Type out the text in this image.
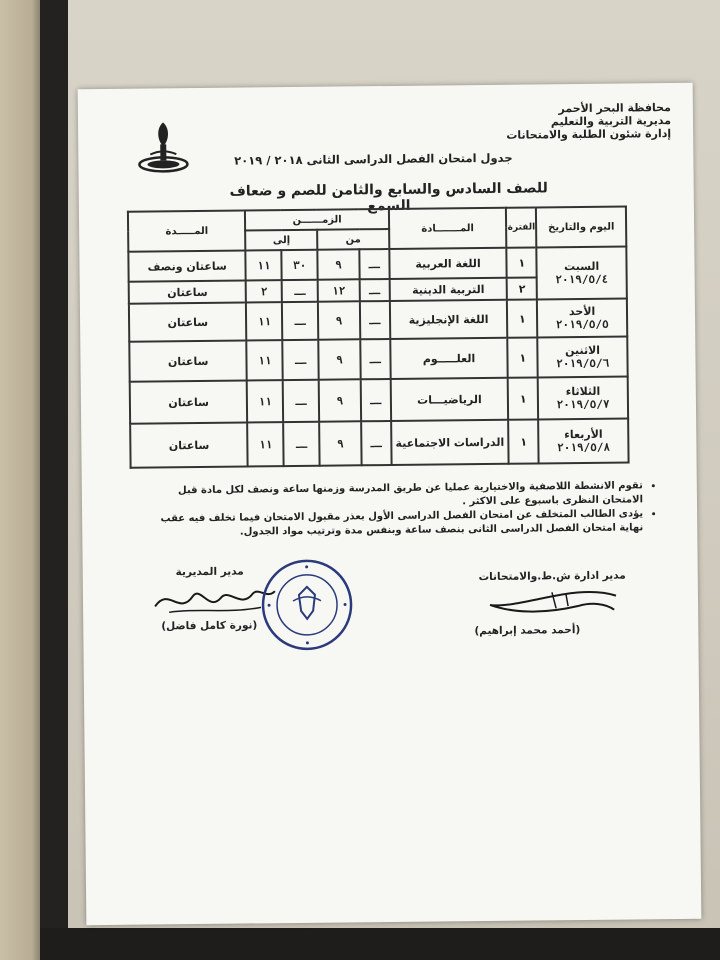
محافظة البحر الأحمر
مديرية التربية والتعليم
إدارة شئون الطلبة والامتحانات
جدول امتحان الفصل الدراسى الثانى ٢٠١٨ / ٢٠١٩
للصف السادس والسابع والثامن للصم و ضعاف السمع
اليوم والتاريخ	الفترة	المـــــــادة	الزمــــــن				المـــــدة
			من		إلى		

السبت
٢٠١٩/٥/٤	١	اللغة العربية	ـــ	٩	٣٠	١١	ساعتان ونصف
	٢	التربية الدينية	ـــ	١٢	ـــ	٢	ساعتان

الأحد
٢٠١٩/٥/٥	١	اللغة الإنجليزية	ـــ	٩	ـــ	١١	ساعتان

الاثنين
٢٠١٩/٥/٦	١	العلـــــوم	ـــ	٩	ـــ	١١	ساعتان

الثلاثاء
٢٠١٩/٥/٧	١	الرياضيـــات	ـــ	٩	ـــ	١١	ساعتان

الأربعاء
٢٠١٩/٥/٨	١	الدراسات الاجتماعية	ـــ	٩	ـــ	١١	ساعتان
• تقوم الانشطة اللاصفية والاختيارية عمليا عن طريق المدرسة وزمنها ساعة ونصف لكل مادة قبل الامتحان النظرى باسبوع على الاكثر .
• يؤدى الطالب المتخلف عن امتحان الفصل الدراسى الأول بعذر مقبول الامتحان فيما تخلف فيه عقب نهاية امتحان الفصل الدراسى الثانى بنصف ساعة وبنفس مدة وترتيب مواد الجدول.
مدير المديرية
(نورة كامل فاضل)
مدير ادارة ش.ط.والامتحانات
(أحمد محمد إبراهيم)
